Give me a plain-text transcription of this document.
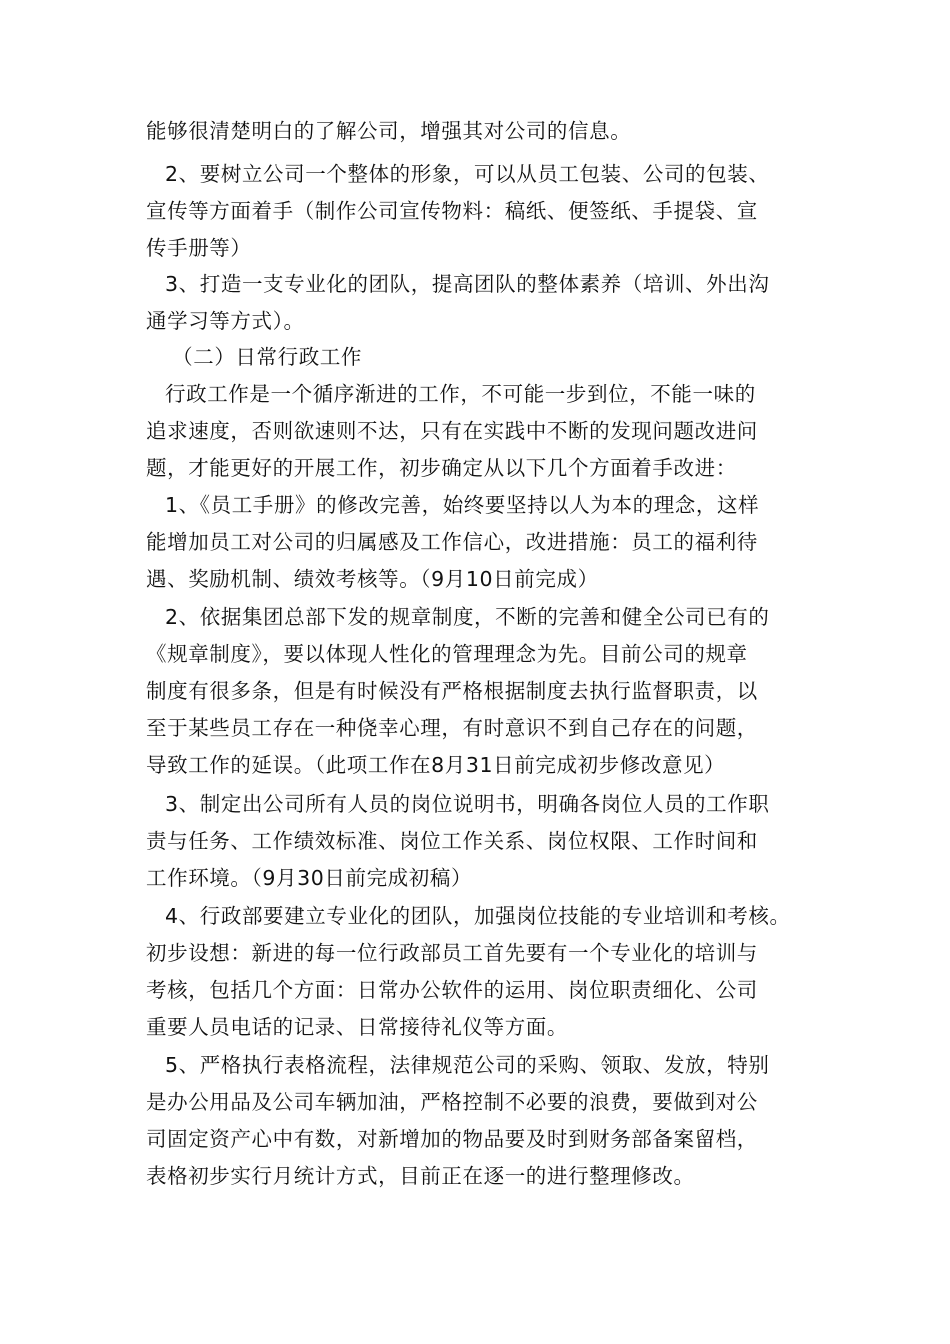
能够很清楚明白的了解公司，增强其对公司的信息。
2、要树立公司一个整体的形象，可以从员工包装、公司的包装、
宣传等方面着手（制作公司宣传物料：稿纸、便签纸、手提袋、宣
传手册等）
3、打造一支专业化的团队，提高团队的整体素养（培训、外出沟
通学习等方式）。
（二）日常行政工作
行政工作是一个循序渐进的工作，不可能一步到位，不能一味的
追求速度，否则欲速则不达，只有在实践中不断的发现问题改进问
题，才能更好的开展工作，初步确定从以下几个方面着手改进：
1、《员工手册》的修改完善，始终要坚持以人为本的理念，这样
能增加员工对公司的归属感及工作信心，改进措施：员工的福利待
遇、奖励机制、绩效考核等。（9月10日前完成）
2、依据集团总部下发的规章制度，不断的完善和健全公司已有的
《规章制度》，要以体现人性化的管理理念为先。目前公司的规章
制度有很多条，但是有时候没有严格根据制度去执行监督职责，以
至于某些员工存在一种侥幸心理，有时意识不到自己存在的问题，
导致工作的延误。（此项工作在8月31日前完成初步修改意见）
3、制定出公司所有人员的岗位说明书，明确各岗位人员的工作职
责与任务、工作绩效标准、岗位工作关系、岗位权限、工作时间和
工作环境。（9月30日前完成初稿）
4、行政部要建立专业化的团队，加强岗位技能的专业培训和考核。
初步设想：新进的每一位行政部员工首先要有一个专业化的培训与
考核，包括几个方面：日常办公软件的运用、岗位职责细化、公司
重要人员电话的记录、日常接待礼仪等方面。
5、严格执行表格流程，法律规范公司的采购、领取、发放，特别
是办公用品及公司车辆加油，严格控制不必要的浪费，要做到对公
司固定资产心中有数，对新增加的物品要及时到财务部备案留档，
表格初步实行月统计方式，目前正在逐一的进行整理修改。
